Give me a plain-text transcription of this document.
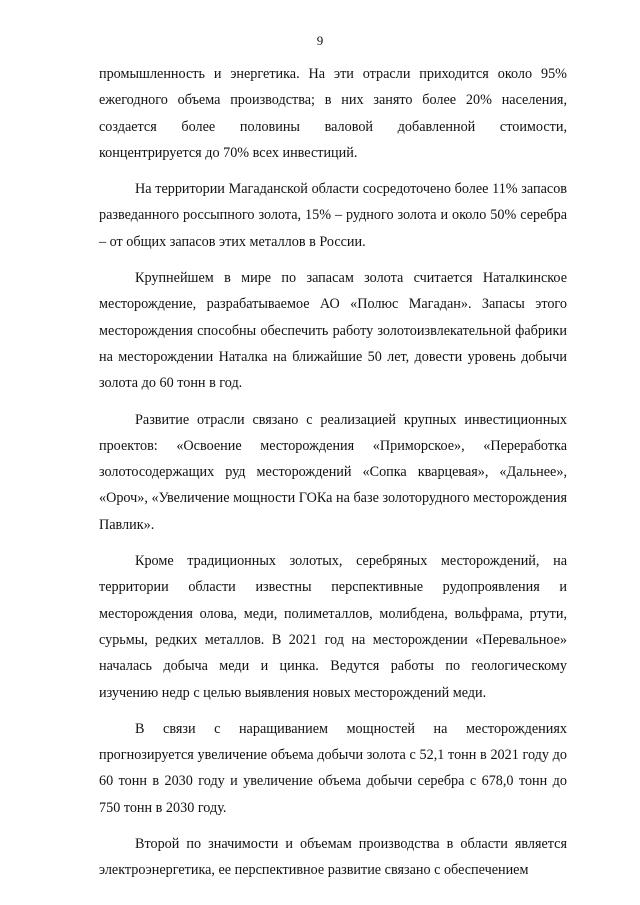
9

промышленность и энергетика. На эти отрасли приходится около 95% ежегодного объема производства; в них занято более 20% населения, создается более половины валовой добавленной стоимости, концентрируется до 70% всех инвестиций.

На территории Магаданской области сосредоточено более 11% запасов разведанного россыпного золота, 15% – рудного золота и около 50% серебра – от общих запасов этих металлов в России.

Крупнейшем в мире по запасам золота считается Наталкинское месторождение, разрабатываемое АО «Полюс Магадан». Запасы этого месторождения способны обеспечить работу золотоизвлекательной фабрики на месторождении Наталка на ближайшие 50 лет, довести уровень добычи золота до 60 тонн в год.

Развитие отрасли связано с реализацией крупных инвестиционных проектов: «Освоение месторождения «Приморское», «Переработка золотосодержащих руд месторождений «Сопка кварцевая», «Дальнее», «Ороч», «Увеличение мощности ГОКа на базе золоторудного месторождения Павлик».

Кроме традиционных золотых, серебряных месторождений, на территории области известны перспективные рудопроявления и месторождения олова, меди, полиметаллов, молибдена, вольфрама, ртути, сурьмы, редких металлов. В 2021 год на месторождении «Перевальное» началась добыча меди и цинка. Ведутся работы по геологическому изучению недр с целью выявления новых месторождений меди.

В связи с наращиванием мощностей на месторождениях прогнозируется увеличение объема добычи золота с 52,1 тонн в 2021 году до 60 тонн в 2030 году и увеличение объема добычи серебра с 678,0 тонн до 750 тонн в 2030 году.

Второй по значимости и объемам производства в области является электроэнергетика, ее перспективное развитие связано с обеспечением
